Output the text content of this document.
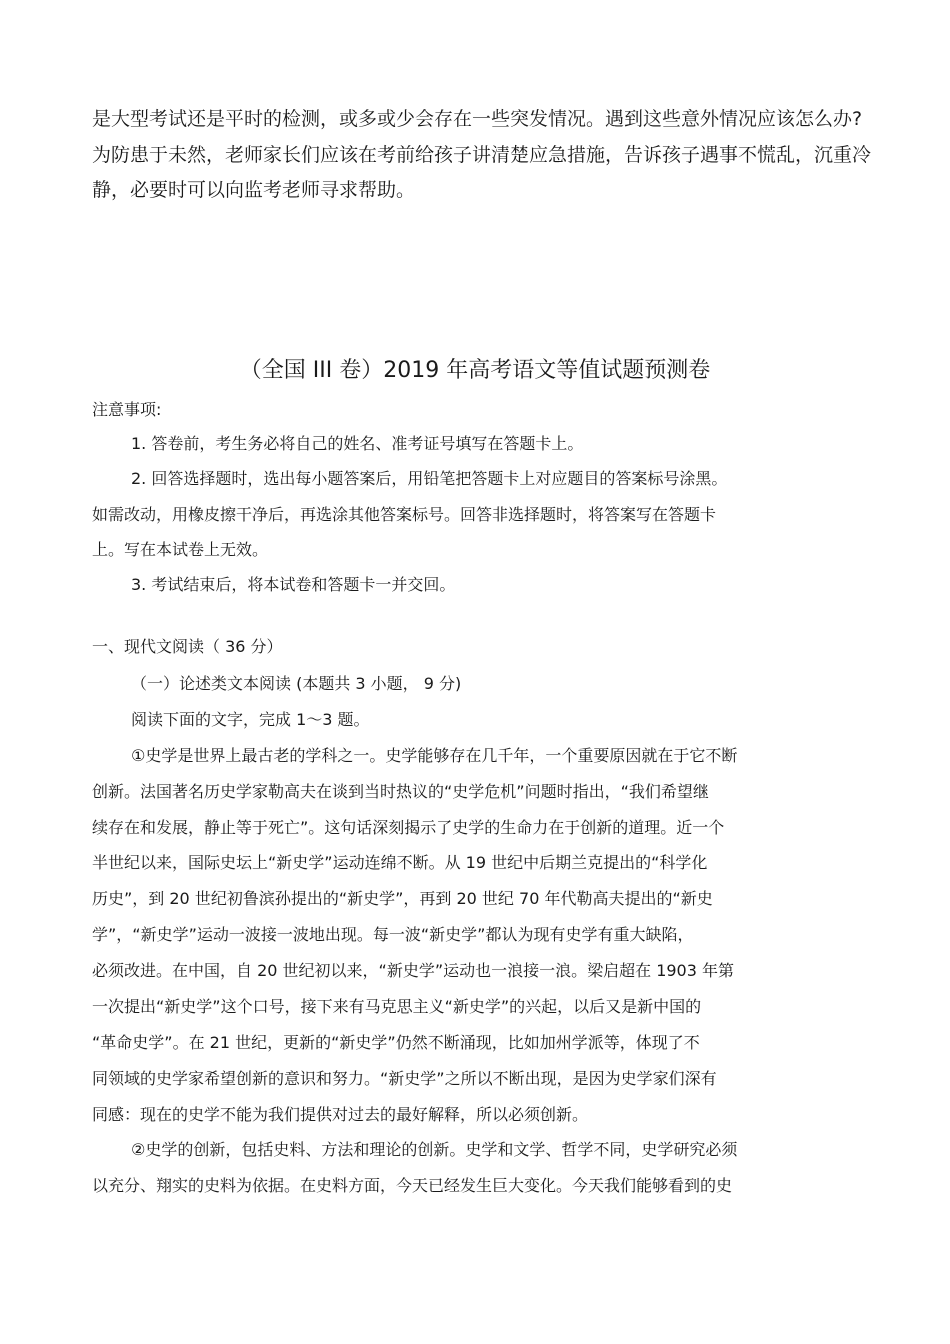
是大型考试还是平时的检测，或多或少会存在一些突发情况。遇到这些意外情况应该怎么办?
为防患于未然，老师家长们应该在考前给孩子讲清楚应急措施，告诉孩子遇事不慌乱，沉重冷
静，必要时可以向监考老师寻求帮助。
（全国 III 卷）2019 年高考语文等值试题预测卷
注意事项:
1. 答卷前，考生务必将自己的姓名、准考证号填写在答题卡上。
2. 回答选择题时，选出每小题答案后，用铅笔把答题卡上对应题目的答案标号涂黑。
如需改动，用橡皮擦干净后，再选涂其他答案标号。回答非选择题时，将答案写在答题卡
上。写在本试卷上无效。
3. 考试结束后，将本试卷和答题卡一并交回。
一、现代文阅读（ 36 分）
（一）论述类文本阅读 (本题共 3 小题， 9 分)
阅读下面的文字，完成 1～3 题。
①史学是世界上最古老的学科之一。史学能够存在几千年，一个重要原因就在于它不断
创新。法国著名历史学家勒高夫在谈到当时热议的“史学危机”问题时指出，“我们希望继
续存在和发展，静止等于死亡”。这句话深刻揭示了史学的生命力在于创新的道理。近一个
半世纪以来，国际史坛上“新史学”运动连绵不断。从 19 世纪中后期兰克提出的“科学化
历史”，到 20 世纪初鲁滨孙提出的“新史学”，再到 20 世纪 70 年代勒高夫提出的“新史
学”，“新史学”运动一波接一波地出现。每一波“新史学”都认为现有史学有重大缺陷，
必须改进。在中国，自 20 世纪初以来，“新史学”运动也一浪接一浪。梁启超在 1903 年第
一次提出“新史学”这个口号，接下来有马克思主义“新史学”的兴起，以后又是新中国的
“革命史学”。在 21 世纪，更新的“新史学”仍然不断涌现，比如加州学派等，体现了不
同领域的史学家希望创新的意识和努力。“新史学”之所以不断出现，是因为史学家们深有
同感：现在的史学不能为我们提供对过去的最好解释，所以必须创新。
②史学的创新，包括史料、方法和理论的创新。史学和文学、哲学不同，史学研究必须
以充分、翔实的史料为依据。在史料方面，今天已经发生巨大变化。今天我们能够看到的史
